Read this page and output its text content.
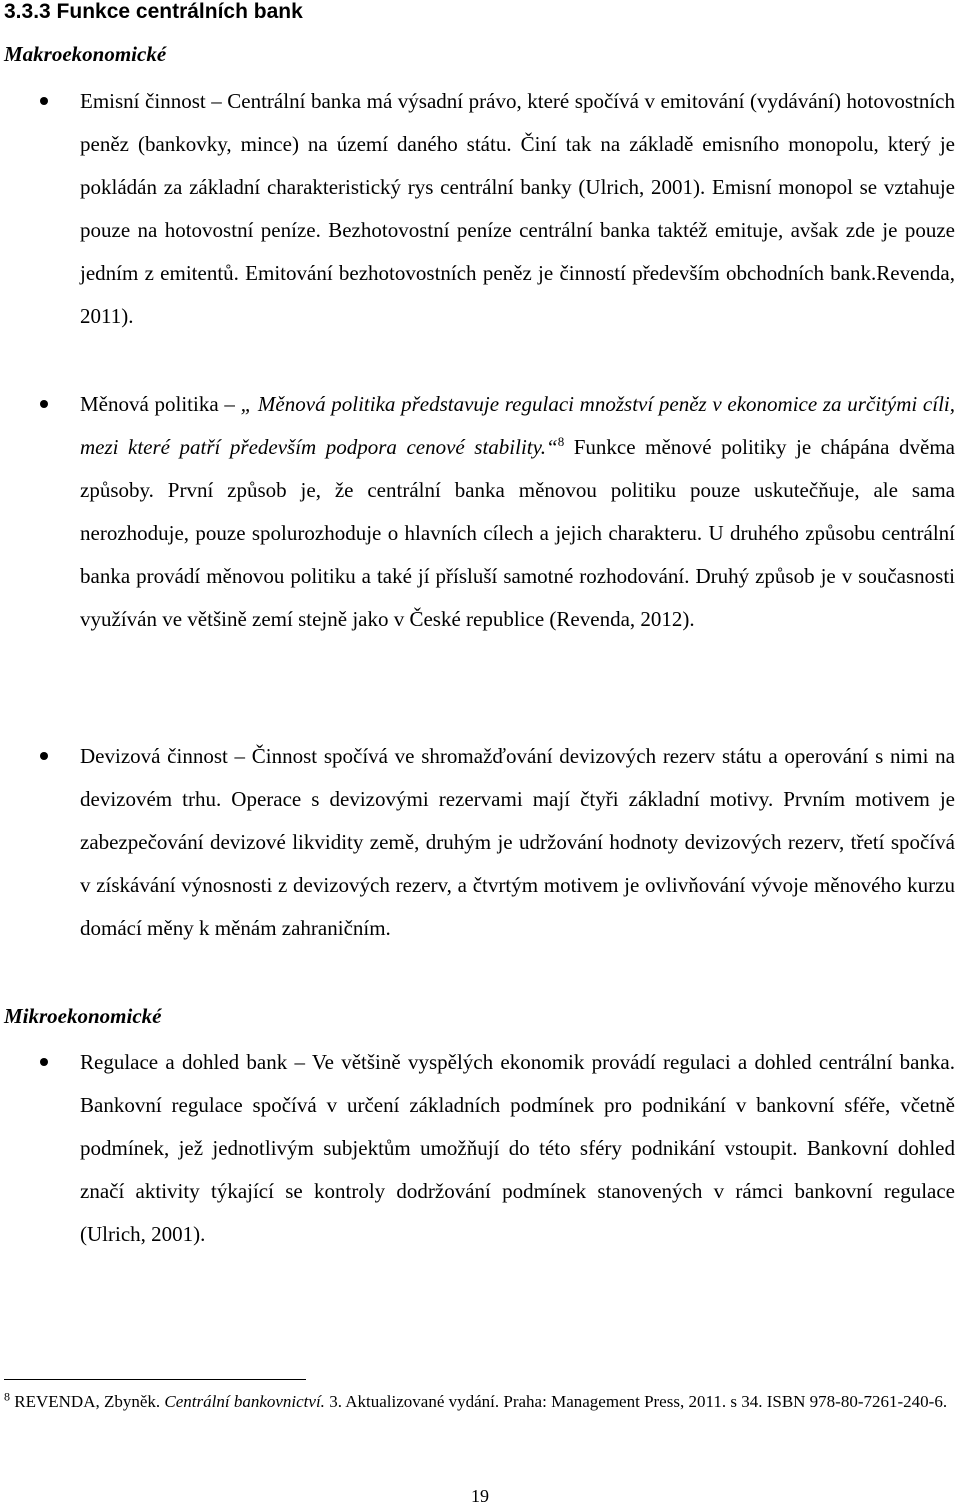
3.3.3 Funkce centrálních bank

Makroekonomické

Emisní činnost – Centrální banka má výsadní právo, které spočívá v emitování (vydávání) hotovostních peněz (bankovky, mince) na území daného státu. Činí tak na základě emisního monopolu, který je pokládán za základní charakteristický rys centrální banky (Ulrich, 2001). Emisní monopol se vztahuje pouze na hotovostní peníze. Bezhotovostní peníze centrální banka taktéž emituje, avšak zde je pouze jedním z emitentů. Emitování bezhotovostních peněz je činností především obchodních bank.Revenda, 2011).
Měnová politika – „ Měnová politika představuje regulaci množství peněz v ekonomice za určitými cíli, mezi které patří především podpora cenové stability.“$^8$ Funkce měnové politiky je chápána dvěma způsoby. První způsob je, že centrální banka měnovou politiku pouze uskutečňuje, ale sama nerozhoduje, pouze spolurozhoduje o hlavních cílech a jejich charakteru. U druhého způsobu centrální banka provádí měnovou politiku a také jí přísluší samotné rozhodování. Druhý způsob je v současnosti využíván ve většině zemí stejně jako v České republice (Revenda, 2012).
Devizová činnost – Činnost spočívá ve shromažďování devizových rezerv státu a operování s nimi na devizovém trhu. Operace s devizovými rezervami mají čtyři základní motivy. Prvním motivem je zabezpečování devizové likvidity země, druhým je udržování hodnoty devizových rezerv, třetí spočívá v získávání výnosnosti z devizových rezerv, a čtvrtým motivem je ovlivňování vývoje měnového kurzu domácí měny k měnám zahraničním.

Mikroekonomické

Regulace a dohled bank – Ve většině vyspělých ekonomik provádí regulaci a dohled centrální banka. Bankovní regulace spočívá v určení základních podmínek pro podnikání v bankovní sféře, včetně podmínek, jež jednotlivým subjektům umožňují do této sféry podnikání vstoupit. Bankovní dohled značí aktivity týkající se kontroly dodržování podmínek stanovených v rámci bankovní regulace (Ulrich, 2001).

$^8$ REVENDA, Zbyněk. Centrální bankovnictví. 3. Aktualizované vydání. Praha: Management Press, 2011. s 34. ISBN 978-80-7261-240-6.

19
